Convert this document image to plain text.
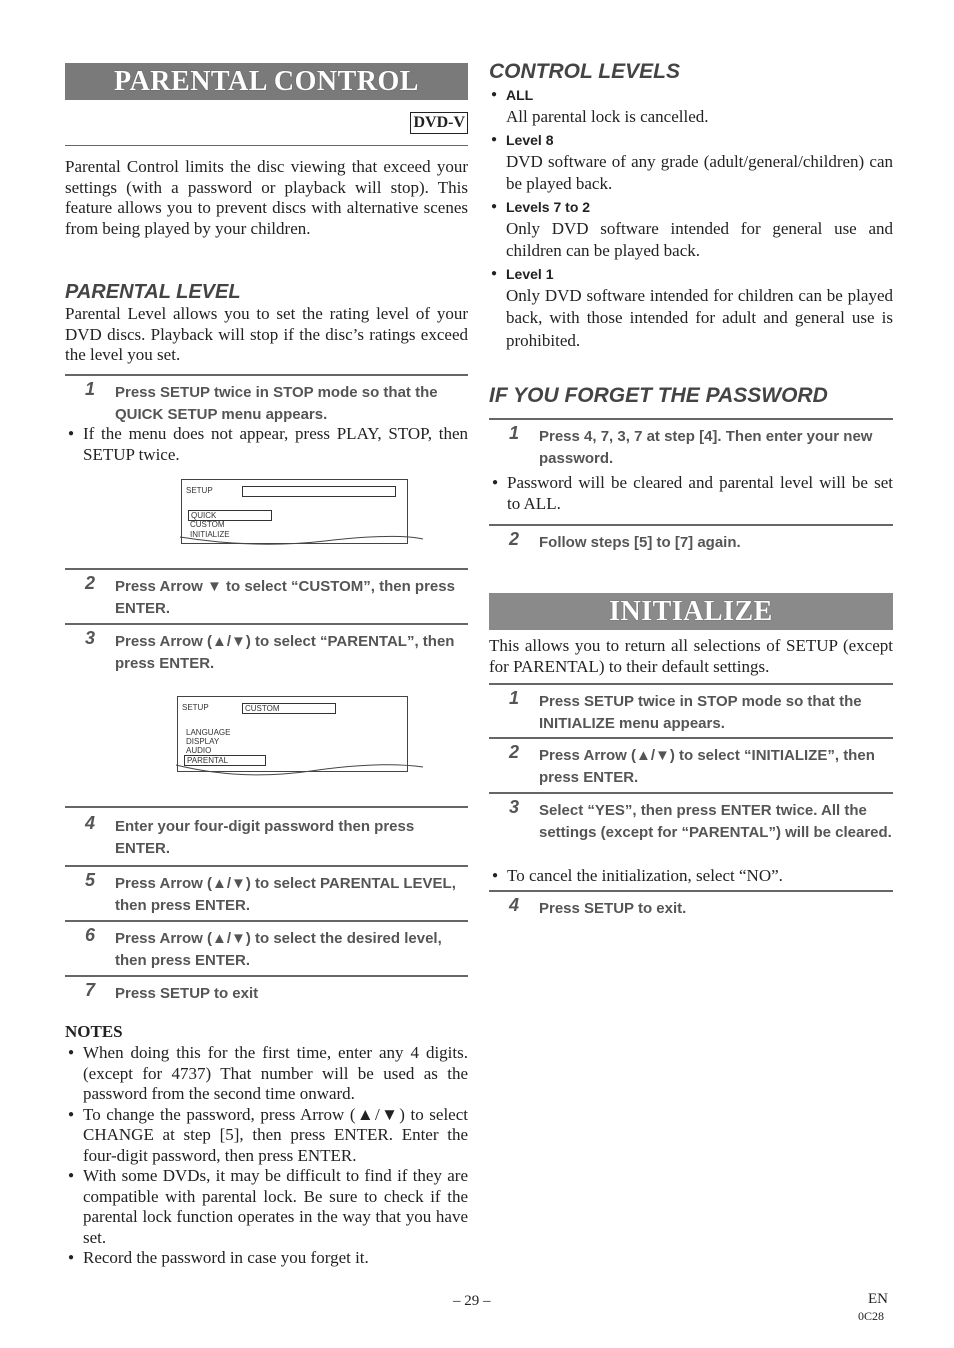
PARENTAL CONTROL
DVD-V
Parental Control limits the disc viewing that exceed your settings (with a password or playback will stop). This feature allows you to prevent discs with alternative scenes from being played by your children.
PARENTAL LEVEL
Parental Level allows you to set the rating level of your DVD discs. Playback will stop if the disc’s ratings exceed the level you set.
1 Press SETUP twice in STOP mode so that the QUICK SETUP menu appears.
● If the menu does not appear, press PLAY, STOP, then SETUP twice.
SETUP
QUICK
CUSTOM
INITIALIZE
2 Press Arrow ▼ to select “CUSTOM”, then press ENTER.
3 Press Arrow (▲/▼) to select “PARENTAL”, then press ENTER.
SETUP	CUSTOM
LANGUAGE
DISPLAY
AUDIO
PARENTAL
4 Enter your four-digit password then press ENTER.
5 Press Arrow (▲/▼) to select PARENTAL LEVEL, then press ENTER.
6 Press Arrow (▲/▼) to select the desired level, then press ENTER.
7 Press SETUP to exit
NOTES
● When doing this for the first time, enter any 4 digits. (except for 4737) That number will be used as the password from the second time onward.
● To change the password, press Arrow (▲/▼) to select CHANGE at step [5], then press ENTER. Enter the four-digit password, then press ENTER.
● With some DVDs, it may be difficult to find if they are compatible with parental lock. Be sure to check if the parental lock function operates in the way that you have set.
● Record the password in case you forget it.
CONTROL LEVELS
● ALL
All parental lock is cancelled.
● Level 8
DVD software of any grade (adult/general/children) can be played back.
● Levels 7 to 2
Only DVD software intended for general use and children can be played back.
● Level 1
Only DVD software intended for children can be played back, with those intended for adult and general use is prohibited.
IF YOU FORGET THE PASSWORD
1 Press 4, 7, 3, 7 at step [4]. Then enter your new password.
● Password will be cleared and parental level will be set to ALL.
2 Follow steps [5] to [7] again.
INITIALIZE
This allows you to return all selections of SETUP (except for PARENTAL) to their default settings.
1 Press SETUP twice in STOP mode so that the INITIALIZE menu appears.
2 Press Arrow (▲/▼) to select “INITIALIZE”, then press ENTER.
3 Select “YES”, then press ENTER twice. All the settings (except for “PARENTAL”) will be cleared.
● To cancel the initialization, select “NO”.
4 Press SETUP to exit.
– 29 –	EN
0C28
